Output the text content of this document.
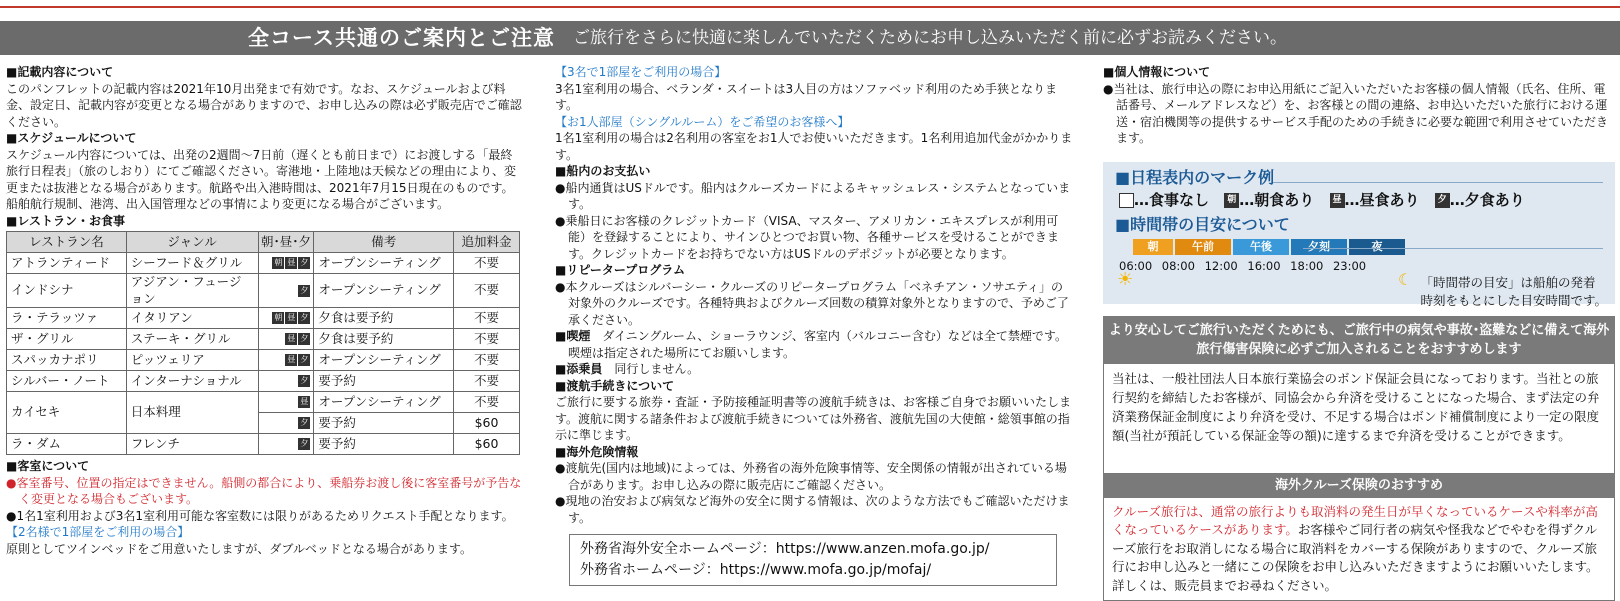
全コース共通のご案内とご注意 ご旅行をさらに快適に楽しんでいただくためにお申し込みいただく前に必ずお読みください。
■記載内容について
このパンフレットの記載内容は2021年10月出発まで有効です。なお、スケジュールおよび料金、設定日、記載内容が変更となる場合がありますので、お申し込みの際は必ず販売店でご確認ください。
■スケジュールについて
スケジュール内容については、出発の2週間〜7日前（遅くとも前日まで）にお渡しする「最終旅行日程表」（旅のしおり）にてご確認ください。寄港地・上陸地は天候などの理由により、変更または抜港となる場合があります。航路や出入港時間は、2021年7月15日現在のものです。船舶航行規制、港湾、出入国管理などの事情により変更になる場合がございます。
■レストラン・お食事
レストラン名	ジャンル	朝･昼･夕	備考	追加料金
アトランティード	シーフード＆グリル	朝 昼 夕	オープンシーティング	不要
インドシナ	アジアン・フュージョン	夕	オープンシーティング	不要
ラ・テラッツァ	イタリアン	朝 昼 夕	夕食は要予約	不要
ザ・グリル	ステーキ・グリル	昼 夕	夕食は要予約	不要
スパッカナポリ	ピッツェリア	昼 夕	オープンシーティング	不要
シルバー・ノート	インターナショナル	夕	要予約	不要
カイセキ	日本料理	昼	オープンシーティング	不要
		夕	要予約	$60
ラ・ダム	フレンチ	夕	要予約	$60
■客室について
●客室番号、位置の指定はできません。船側の都合により、乗船券お渡し後に客室番号が予告なく変更となる場合もございます。
●1名1室利用および3名1室利用可能な客室数には限りがあるためリクエスト手配となります。
【2名様で1部屋をご利用の場合】
原則としてツインベッドをご用意いたしますが、ダブルベッドとなる場合があります。
【3名で1部屋をご利用の場合】
3名1室利用の場合、ベランダ・スイートは3人目の方はソファベッド利用のため手狭となります。
【お1人部屋（シングルルーム）をご希望のお客様へ】
1名1室利用の場合は2名利用の客室をお1人でお使いいただきます。1名利用追加代金がかかります。
■船内のお支払い
●船内通貨はUSドルです。船内はクルーズカードによるキャッシュレス・システムとなっています。
●乗船日にお客様のクレジットカード（VISA、マスター、アメリカン・エキスプレスが利用可能）を登録することにより、サインひとつでお買い物、各種サービスを受けることができます。クレジットカードをお持ちでない方はUSドルのデポジットが必要となります。
■リピータープログラム
●本クルーズはシルバーシー・クルーズのリピータープログラム「ベネチアン・ソサエティ」の対象外のクルーズです。各種特典およびクルーズ回数の積算対象外となりますので、予めご了承ください。
■喫煙　 ダイニングルーム、ショーラウンジ、客室内（バルコニー含む）などは全て禁煙です。喫煙は指定された場所にてお願いします。
■添乗員　 同行しません。
■渡航手続きについて
ご旅行に要する旅券・査証・予防接種証明書等の渡航手続きは、お客様ご自身でお願いいたします。渡航に関する諸条件および渡航手続きについては外務省、渡航先国の大使館・総領事館の指示に準じます。
■海外危険情報
●渡航先(国内は地域)によっては、外務省の海外危険事情等、安全関係の情報が出されている場合があります。お申し込みの際に販売店にご確認ください。
●現地の治安および病気など海外の安全に関する情報は、次のような方法でもご確認いただけます。
外務省海外安全ホームページ：https://www.anzen.mofa.go.jp/
外務省ホームページ：https://www.mofa.go.jp/mofaj/
■個人情報について
●当社は、旅行申込の際にお申込用紙にご記入いただいたお客様の個人情報（氏名、住所、電話番号、メールアドレスなど）を、お客様との間の連絡、お申込いただいた旅行における運送・宿泊機関等の提供するサービス手配のための手続きに必要な範囲で利用させていただきます。
■日程表内のマーク例
…食事なし 朝 …朝食あり 昼 …昼食あり 夕 …夕食あり
■時間帯の目安について
☀
朝	午前	午後	夕刻	夜
☾
06:00 08:00 12:00 16:00 18:00 23:00
「時間帯の目安」は船舶の発着
時刻をもとにした目安時間です。
より安心してご旅行いただくためにも、ご旅行中の病気や事故･盗難などに備えて海外旅行傷害保険に必ずご加入されることをおすすめします
当社は、一般社団法人日本旅行業協会のボンド保証会員になっております。当社との旅行契約を締結したお客様が、同協会から弁済を受けることになった場合、まず法定の弁済業務保証金制度により弁済を受け、不足する場合はボンド補償制度により一定の限度額(当社が預託している保証金等の額)に達するまで弁済を受けることができます。
海外クルーズ保険のおすすめ
クルーズ旅行は、通常の旅行よりも取消料の発生日が早くなっているケースや料率が高くなっているケースがあります。お客様やご同行者の病気や怪我などでやむを得ずクルーズ旅行をお取消しになる場合に取消料をカバーする保険がありますので、クルーズ旅行にお申し込みと一緒にこの保険をお申し込みいただきますようにお願いいたします。詳しくは、販売員までお尋ねください。
